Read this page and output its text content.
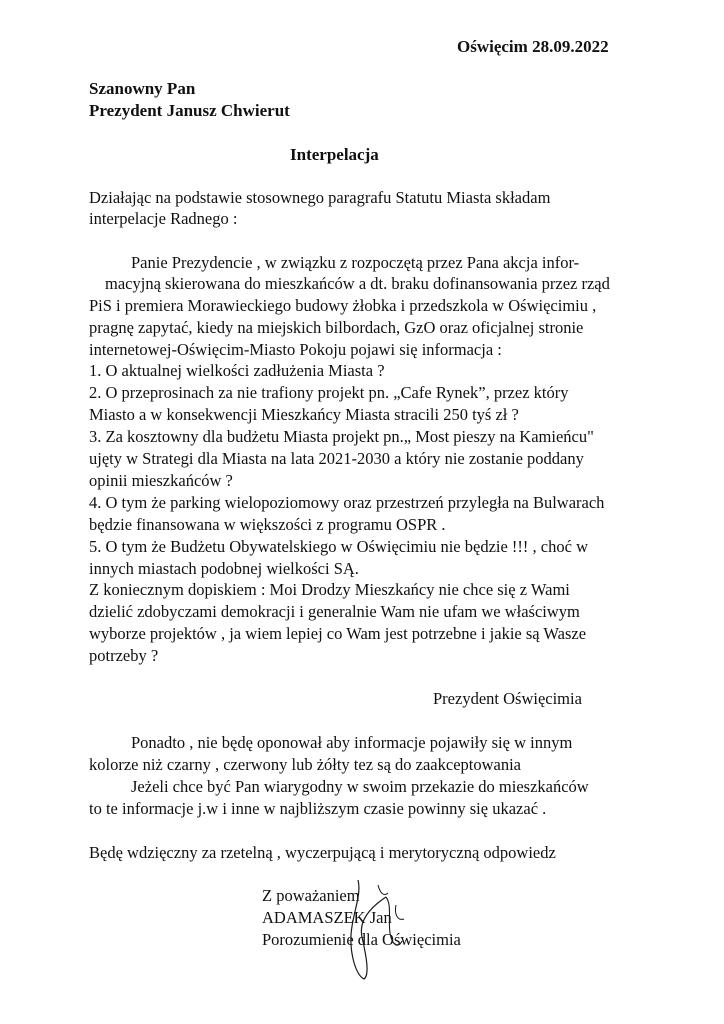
Oświęcim 28.09.2022
Szanowny Pan
Prezydent Janusz Chwierut
Interpelacja
Działając na podstawie stosownego paragrafu Statutu Miasta składam
interpelacje Radnego :
Panie Prezydencie , w związku z rozpoczętą przez Pana akcja infor-
macyjną skierowana do mieszkańców a dt. braku dofinansowania przez rząd
PiS i premiera Morawieckiego budowy żłobka i przedszkola w Oświęcimiu ,
pragnę zapytać, kiedy na miejskich bilbordach, GzO oraz oficjalnej stronie
internetowej-Oświęcim-Miasto Pokoju pojawi się informacja :
1. O aktualnej wielkości zadłużenia Miasta ?
2. O przeprosinach za nie trafiony projekt pn. „Cafe Rynek”, przez który
Miasto a w konsekwencji Mieszkańcy Miasta stracili 250 tyś zł ?
3. Za kosztowny dla budżetu Miasta projekt pn.„ Most pieszy na Kamieńcu"
ujęty w Strategi dla Miasta na lata 2021-2030 a który nie zostanie poddany
opinii mieszkańców ?
4. O tym że parking wielopoziomowy oraz przestrzeń przyległa na Bulwarach
będzie finansowana w większości z programu OSPR .
5. O tym że Budżetu Obywatelskiego w Oświęcimiu nie będzie !!! , choć w
innych miastach podobnej wielkości SĄ.
Z koniecznym dopiskiem : Moi Drodzy Mieszkańcy nie chce się z Wami
dzielić zdobyczami demokracji i generalnie Wam nie ufam we właściwym
wyborze projektów , ja wiem lepiej co Wam jest potrzebne i jakie są Wasze
potrzeby ?
Prezydent Oświęcimia
Ponadto , nie będę oponował aby informacje pojawiły się w innym
kolorze niż czarny , czerwony lub żółty tez są do zaakceptowania
Jeżeli chce być Pan wiarygodny w swoim przekazie do mieszkańców
to te informacje j.w i inne w najbliższym czasie powinny się ukazać .
Będę wdzięczny za rzetelną , wyczerpującą i merytoryczną odpowiedz
Z poważaniem
ADAMASZEK Jan
Porozumienie dla Oświęcimia
